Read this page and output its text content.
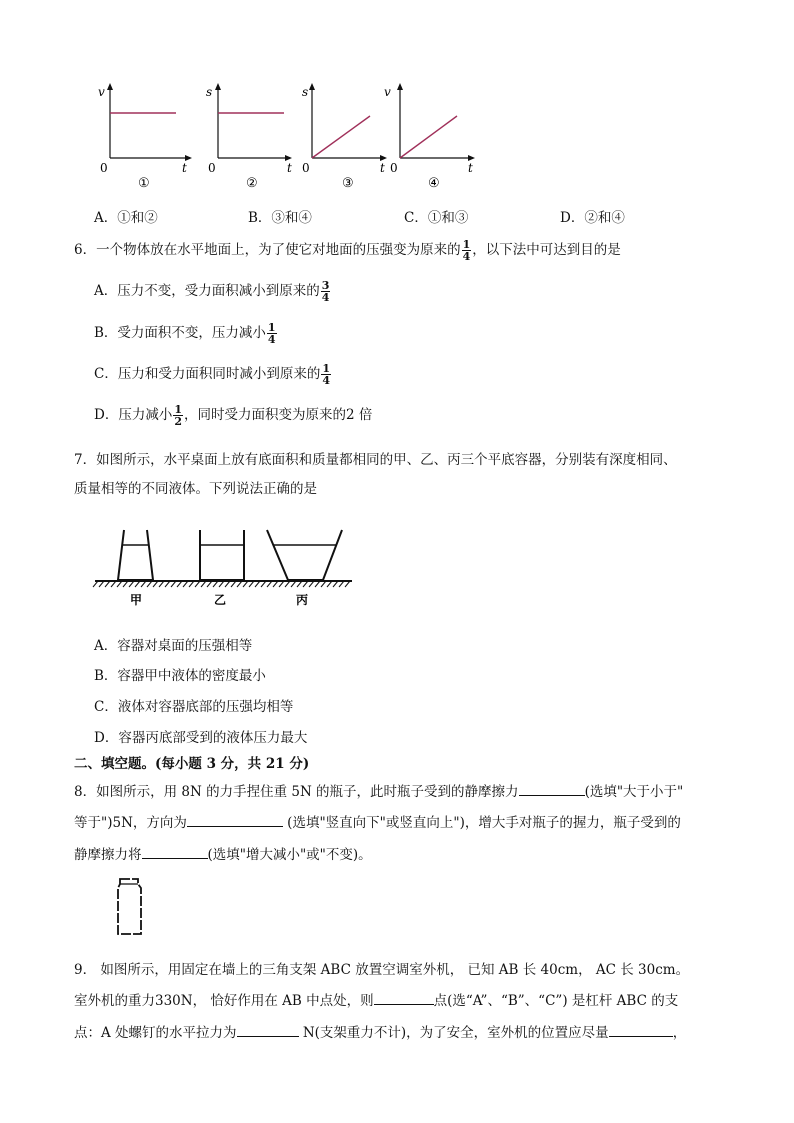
v
t
0
①
s
t
0
②
s
t
0
③
v
t
0
④
A．①和②	B．③和④	C．①和③	D．②和④
6．一个物体放在水平地面上，为了使它对地面的压强变为原来的 $\frac{1}{4}$ ，以下法中可达到目的是
A．压力不变，受力面积减小到原来的 $\frac{3}{4}$
B．受力面积不变，压力减小 $\frac{1}{4}$
C．压力和受力面积同时减小到原来的 $\frac{1}{4}$
D．压力减小 $\frac{1}{2}$ ，同时受力面积变为原来的2 倍
7．如图所示，水平桌面上放有底面积和质量都相同的甲、乙、丙三个平底容器，分别装有深度相同、
质量相等的不同液体。下列说法正确的是
甲	乙	丙
A．容器对桌面的压强相等
B．容器甲中液体的密度最小
C．液体对容器底部的压强均相等
D．容器丙底部受到的液体压力最大
二、填空题。(每小题 3 分，共 21 分)
8．如图所示，用 8N 的力手捏住重 5N 的瓶子，此时瓶子受到的静摩擦力	(选填"大于小于"
等于")5N，方向为	(选填"竖直向下"或竖直向上")，增大手对瓶子的握力，瓶子受到的
静摩擦力将	(选填"增大减小"或"不变)。
9． 如图所示，用固定在墙上的三角支架 ABC 放置空调室外机， 已知 AB 长 40cm， AC 长 30cm。
室外机的重力330N， 恰好作用在 AB 中点处，则	点(选“A”、“B”、“C”) 是杠杆 ABC 的支
点：A 处螺钉的水平拉力为	N(支架重力不计)，为了安全，室外机的位置应尽量	，
